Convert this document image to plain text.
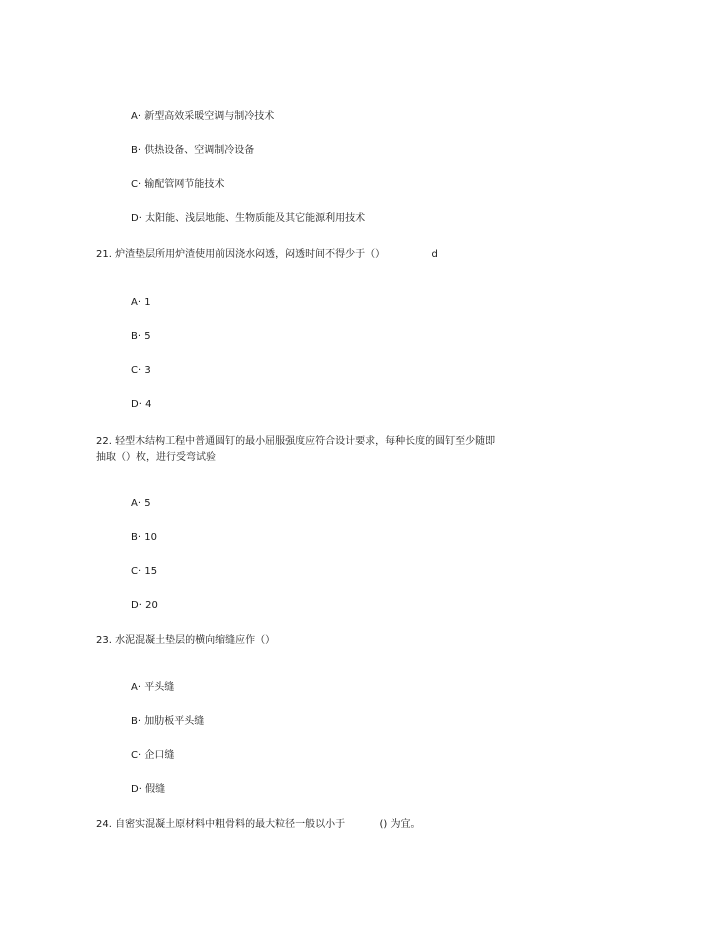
A· 新型高效采暖空调与制冷技术
B· 供热设备、空调制冷设备
C· 输配管网节能技术
D· 太阳能、浅层地能、生物质能及其它能源利用技术
21. 炉渣垫层所用炉渣使用前因浇水闷透，闷透时间不得少于（）	d
A· 1
B· 5
C· 3
D· 4
22. 轻型木结构工程中普通圆钉的最小屈服强度应符合设计要求，每种长度的圆钉至少随即
抽取（）枚，进行受弯试验
A· 5
B· 10
C· 15
D· 20
23. 水泥混凝土垫层的横向缩缝应作（）
A· 平头缝
B· 加肋板平头缝
C· 企口缝
D· 假缝
24. 自密实混凝土原材料中粗骨料的最大粒径一般以小于	() 为宜。
